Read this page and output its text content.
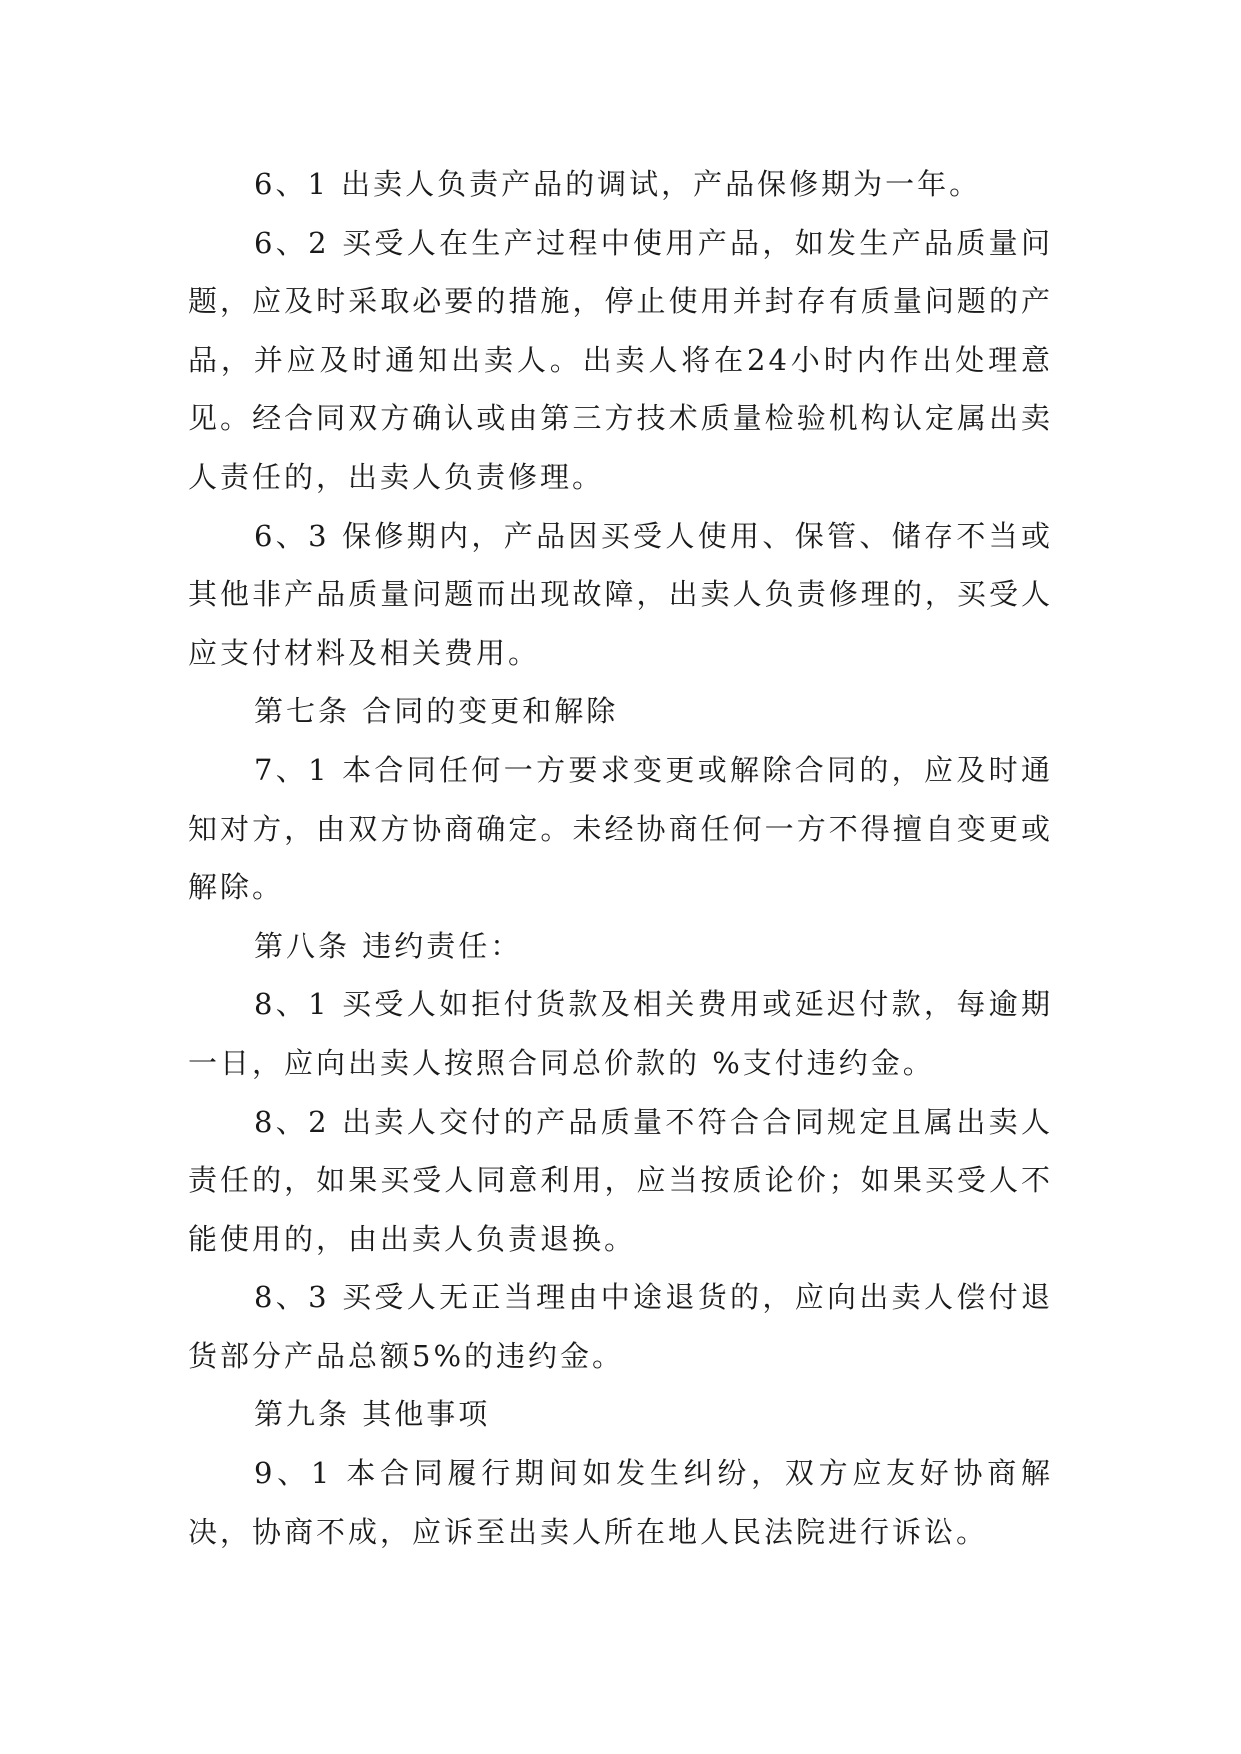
6、1 出卖人负责产品的调试，产品保修期为一年。

6、2 买受人在生产过程中使用产品，如发生产品质量问题，应及时采取必要的措施，停止使用并封存有质量问题的产品，并应及时通知出卖人。出卖人将在24小时内作出处理意见。经合同双方确认或由第三方技术质量检验机构认定属出卖人责任的，出卖人负责修理。

6、3 保修期内，产品因买受人使用、保管、储存不当或其他非产品质量问题而出现故障，出卖人负责修理的，买受人应支付材料及相关费用。

第七条 合同的变更和解除

7、1 本合同任何一方要求变更或解除合同的，应及时通知对方，由双方协商确定。未经协商任何一方不得擅自变更或解除。

第八条 违约责任：

8、1 买受人如拒付货款及相关费用或延迟付款，每逾期一日，应向出卖人按照合同总价款的 %支付违约金。

8、2 出卖人交付的产品质量不符合合同规定且属出卖人责任的，如果买受人同意利用，应当按质论价；如果买受人不能使用的，由出卖人负责退换。

8、3 买受人无正当理由中途退货的，应向出卖人偿付退货部分产品总额5%的违约金。

第九条 其他事项

9、1 本合同履行期间如发生纠纷，双方应友好协商解决，协商不成，应诉至出卖人所在地人民法院进行诉讼。
